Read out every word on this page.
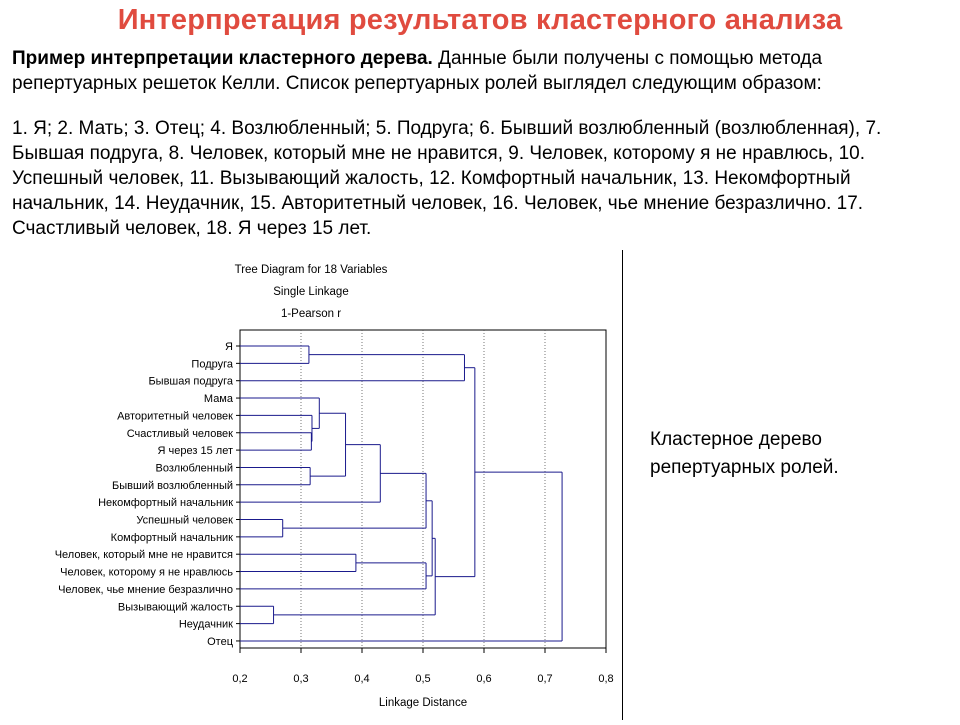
Интерпретация результатов кластерного анализа
Пример интерпретации кластерного дерева. Данные были получены с помощью метода репертуарных решеток Келли. Список репертуарных ролей выглядел следующим образом:
1. Я; 2. Мать; 3. Отец; 4. Возлюбленный; 5. Подруга; 6. Бывший возлюбленный (возлюбленная), 7. Бывшая подруга, 8. Человек, который мне не нравится, 9. Человек, которому я не нравлюсь, 10. Успешный человек, 11. Вызывающий жалость, 12. Комфортный начальник, 13. Некомфортный начальник, 14. Неудачник, 15. Авторитетный человек, 16. Человек, чье мнение безразлично. 17. Счастливый человек, 18. Я через 15 лет.
Tree Diagram for 18 Variables
Single Linkage
1-Pearson r
Я
Подруга
Бывшая подруга
Мама
Авторитетный человек
Счастливый человек
Я через 15 лет
Возлюбленный
Бывший возлюбленный
Некомфортный начальник
Успешный человек
Комфортный начальник
Человек, который мне не нравится
Человек, которому я не нравлюсь
Человек, чье мнение безразлично
Вызывающий жалость
Неудачник
Отец
0,2	0,3	0,4	0,5	0,6	0,7	0,8
Linkage Distance
Кластерное дерево репертуарных ролей.
